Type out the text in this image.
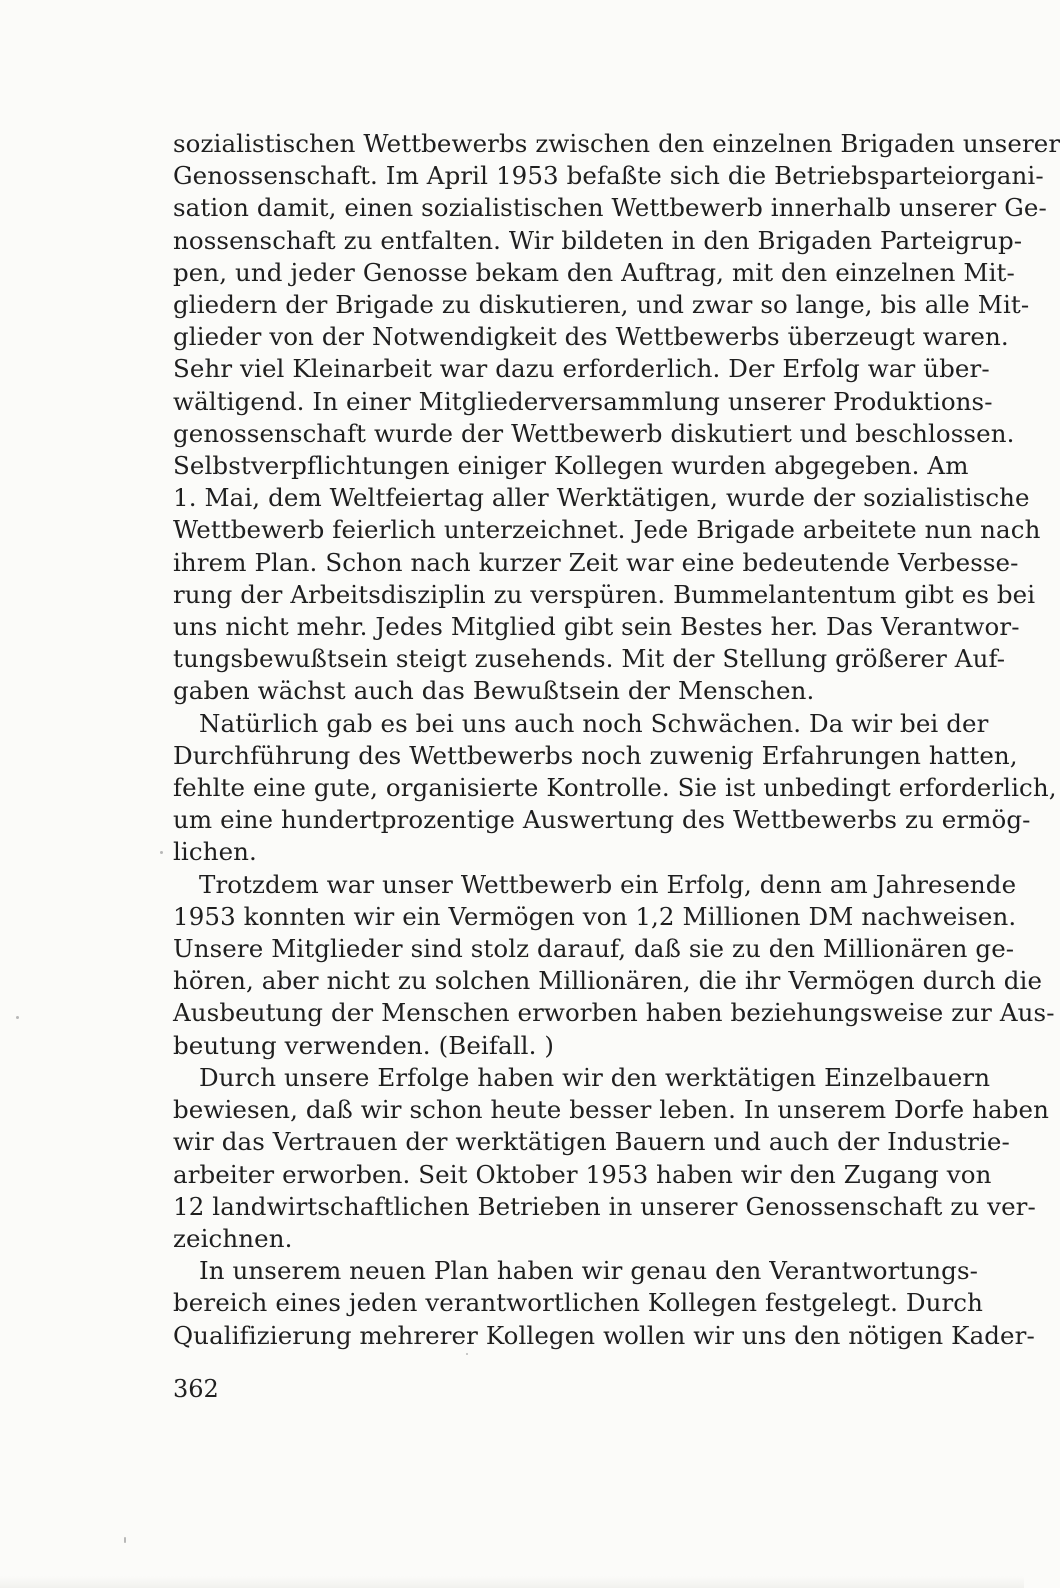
sozialistischen Wettbewerbs zwischen den einzelnen Brigaden unserer
Genossenschaft. Im April 1953 befaßte sich die Betriebsparteiorgani-
sation damit, einen sozialistischen Wettbewerb innerhalb unserer Ge-
nossenschaft zu entfalten. Wir bildeten in den Brigaden Parteigrup-
pen, und jeder Genosse bekam den Auftrag, mit den einzelnen Mit-
gliedern der Brigade zu diskutieren, und zwar so lange, bis alle Mit-
glieder von der Notwendigkeit des Wettbewerbs überzeugt waren.
Sehr viel Kleinarbeit war dazu erforderlich. Der Erfolg war über-
wältigend. In einer Mitgliederversammlung unserer Produktions-
genossenschaft wurde der Wettbewerb diskutiert und beschlossen.
Selbstverpflichtungen einiger Kollegen wurden abgegeben. Am
1. Mai, dem Weltfeiertag aller Werktätigen, wurde der sozialistische
Wettbewerb feierlich unterzeichnet. Jede Brigade arbeitete nun nach
ihrem Plan. Schon nach kurzer Zeit war eine bedeutende Verbesse-
rung der Arbeitsdisziplin zu verspüren. Bummelantentum gibt es bei
uns nicht mehr. Jedes Mitglied gibt sein Bestes her. Das Verantwor-
tungsbewußtsein steigt zusehends. Mit der Stellung größerer Auf-
gaben wächst auch das Bewußtsein der Menschen.
Natürlich gab es bei uns auch noch Schwächen. Da wir bei der
Durchführung des Wettbewerbs noch zuwenig Erfahrungen hatten,
fehlte eine gute, organisierte Kontrolle. Sie ist unbedingt erforderlich,
um eine hundertprozentige Auswertung des Wettbewerbs zu ermög-
lichen.
Trotzdem war unser Wettbewerb ein Erfolg, denn am Jahresende
1953 konnten wir ein Vermögen von 1,2 Millionen DM nachweisen.
Unsere Mitglieder sind stolz darauf, daß sie zu den Millionären ge-
hören, aber nicht zu solchen Millionären, die ihr Vermögen durch die
Ausbeutung der Menschen erworben haben beziehungsweise zur Aus-
beutung verwenden. (Beifall. )
Durch unsere Erfolge haben wir den werktätigen Einzelbauern
bewiesen, daß wir schon heute besser leben. In unserem Dorfe haben
wir das Vertrauen der werktätigen Bauern und auch der Industrie-
arbeiter erworben. Seit Oktober 1953 haben wir den Zugang von
12 landwirtschaftlichen Betrieben in unserer Genossenschaft zu ver-
zeichnen.
In unserem neuen Plan haben wir genau den Verantwortungs-
bereich eines jeden verantwortlichen Kollegen festgelegt. Durch
Qualifizierung mehrerer Kollegen wollen wir uns den nötigen Kader-
362
